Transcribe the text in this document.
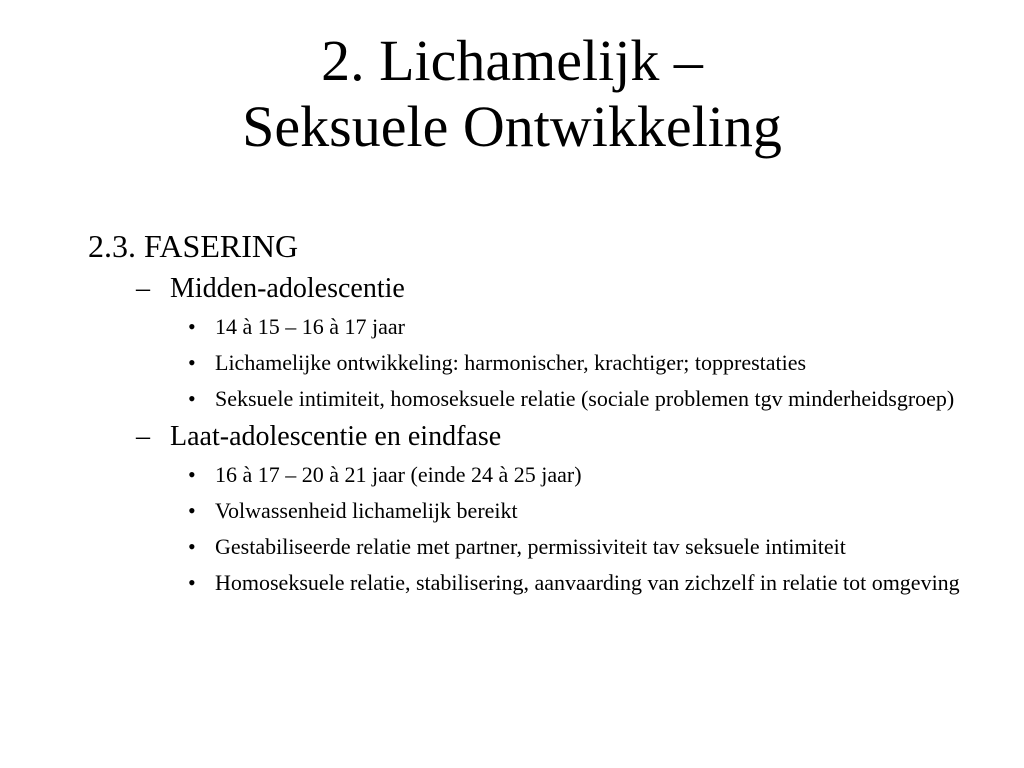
2. Lichamelijk –
Seksuele Ontwikkeling

2.3. FASERING

– Midden-adolescentie

• 14 à 15 – 16 à 17 jaar
• Lichamelijke ontwikkeling: harmonischer, krachtiger; topprestaties
• Seksuele intimiteit, homoseksuele relatie (sociale problemen tgv minderheidsgroep)

– Laat-adolescentie en eindfase

• 16 à 17 – 20 à 21 jaar (einde 24 à 25 jaar)
• Volwassenheid lichamelijk bereikt
• Gestabiliseerde relatie met partner, permissiviteit tav seksuele intimiteit
• Homoseksuele relatie, stabilisering, aanvaarding van zichzelf in relatie tot omgeving
